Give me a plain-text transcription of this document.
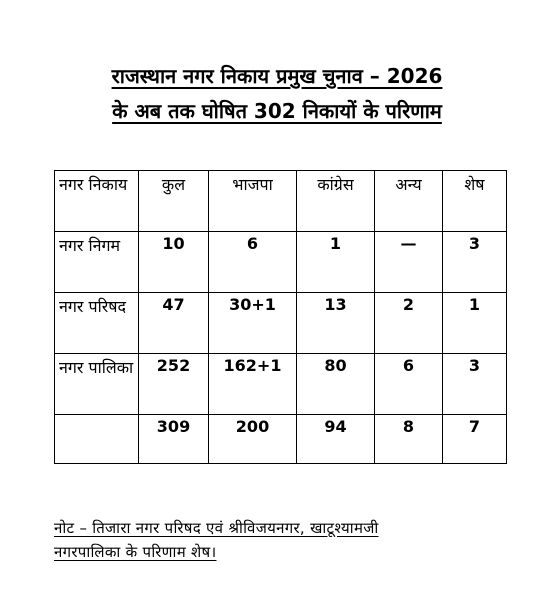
राजस्थान नगर निकाय प्रमुख चुनाव – 2026
के अब तक घोषित 302 निकायों के परिणाम
नगर निकाय	कुल	भाजपा	कांग्रेस	अन्य	शेष

नगर निगम	10	6	1	—	3

नगर परिषद	47	30+1	13	2	1

नगर पालिका	252	162+1	80	6	3
	309	200	94	8	7
नोट – तिजारा नगर परिषद एवं श्रीविजयनगर, खाटूश्यामजी
नगरपालिका के परिणाम शेष।
